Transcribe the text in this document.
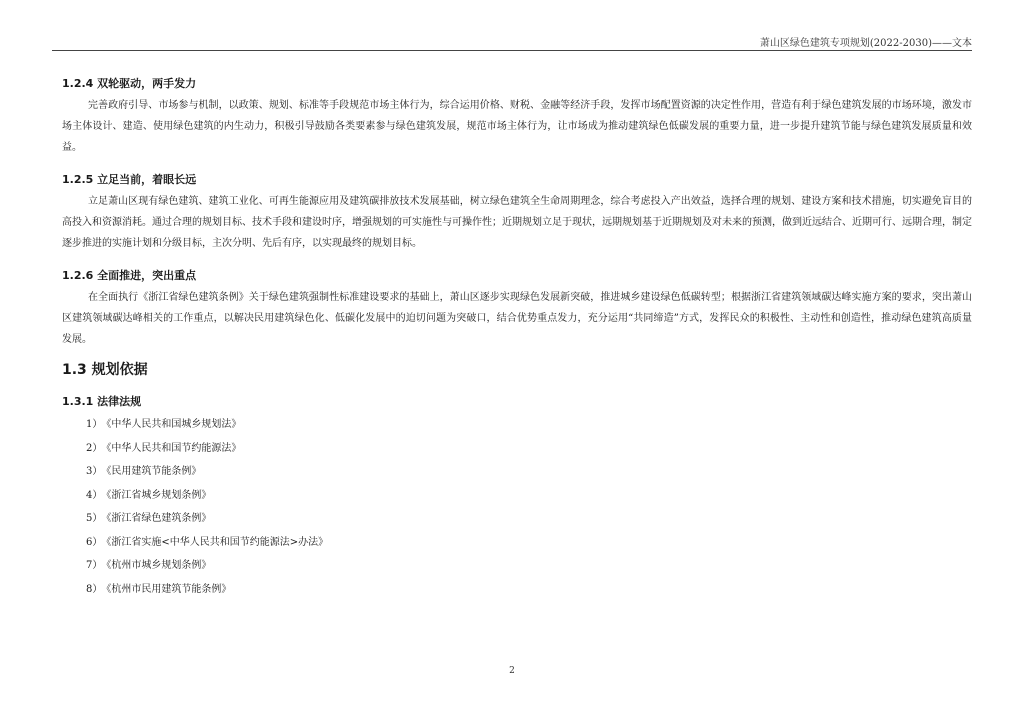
萧山区绿色建筑专项规划(2022-2030)——文本
1.2.4 双轮驱动，两手发力

完善政府引导、市场参与机制，以政策、规划、标准等手段规范市场主体行为，综合运用价格、财税、金融等经济手段，发挥市场配置资源的决定性作用，营造有利于绿色建筑发展的市场环境，激发市场主体设计、建造、使用绿色建筑的内生动力，积极引导鼓励各类要素参与绿色建筑发展，规范市场主体行为，让市场成为推动建筑绿色低碳发展的重要力量，进一步提升建筑节能与绿色建筑发展质量和效益。

1.2.5 立足当前，着眼长远

立足萧山区现有绿色建筑、建筑工业化、可再生能源应用及建筑碳排放技术发展基础，树立绿色建筑全生命周期理念，综合考虑投入产出效益，选择合理的规划、建设方案和技术措施，切实避免盲目的高投入和资源消耗。通过合理的规划目标、技术手段和建设时序，增强规划的可实施性与可操作性；近期规划立足于现状，远期规划基于近期规划及对未来的预测，做到近远结合、近期可行、远期合理，制定逐步推进的实施计划和分级目标，主次分明、先后有序，以实现最终的规划目标。

1.2.6 全面推进，突出重点

在全面执行《浙江省绿色建筑条例》关于绿色建筑强制性标准建设要求的基础上，萧山区逐步实现绿色发展新突破，推进城乡建设绿色低碳转型；根据浙江省建筑领域碳达峰实施方案的要求，突出萧山区建筑领域碳达峰相关的工作重点，以解决民用建筑绿色化、低碳化发展中的迫切问题为突破口，结合优势重点发力，充分运用“共同缔造”方式，发挥民众的积极性、主动性和创造性，推动绿色建筑高质量发展。

1.3 规划依据
1.3.1 法律法规
1） 《中华人民共和国城乡规划法》
2） 《中华人民共和国节约能源法》
3） 《民用建筑节能条例》
4） 《浙江省城乡规划条例》
5） 《浙江省绿色建筑条例》
6） 《浙江省实施<中华人民共和国节约能源法>办法》
7） 《杭州市城乡规划条例》
8） 《杭州市民用建筑节能条例》
2
